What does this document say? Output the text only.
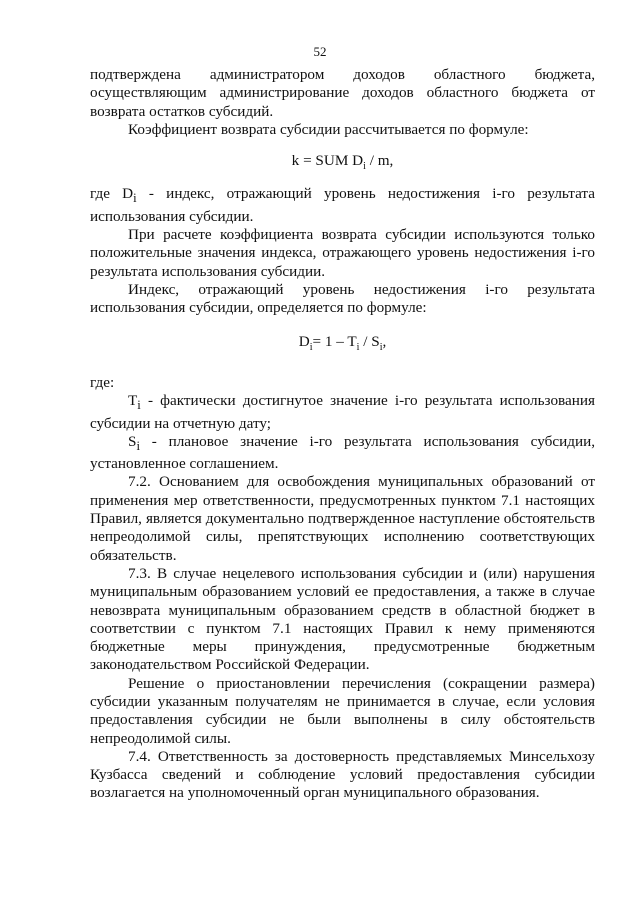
52

подтверждена администратором доходов областного бюджета, осуществляющим администрирование доходов областного бюджета от возврата остатков субсидий.

Коэффициент возврата субсидии рассчитывается по формуле:

k = SUM $D_i$ / m,

где $D_i$ - индекс, отражающий уровень недостижения i-го результата использования субсидии.

При расчете коэффициента возврата субсидии используются только положительные значения индекса, отражающего уровень недостижения i-го результата использования субсидии.

Индекс, отражающий уровень недостижения i-го результата использования субсидии, определяется по формуле:

$D_i= 1 - T_i / S_i$,

где:

$T_i$ - фактически достигнутое значение i-го результата использования субсидии на отчетную дату;

$S_i$ - плановое значение i-го результата использования субсидии, установленное соглашением.

7.2. Основанием для освобождения муниципальных образований от применения мер ответственности, предусмотренных пунктом 7.1 настоящих Правил, является документально подтвержденное наступление обстоятельств непреодолимой силы, препятствующих исполнению соответствующих обязательств.

7.3. В случае нецелевого использования субсидии и (или) нарушения муниципальным образованием условий ее предоставления, а также в случае невозврата муниципальным образованием средств в областной бюджет в соответствии с пунктом 7.1 настоящих Правил к нему применяются бюджетные меры принуждения, предусмотренные бюджетным законодательством Российской Федерации.

Решение о приостановлении перечисления (сокращении размера) субсидии указанным получателям не принимается в случае, если условия предоставления субсидии не были выполнены в силу обстоятельств непреодолимой силы.

7.4. Ответственность за достоверность представляемых Минсельхозу Кузбасса сведений и соблюдение условий предоставления субсидии возлагается на уполномоченный орган муниципального образования.
